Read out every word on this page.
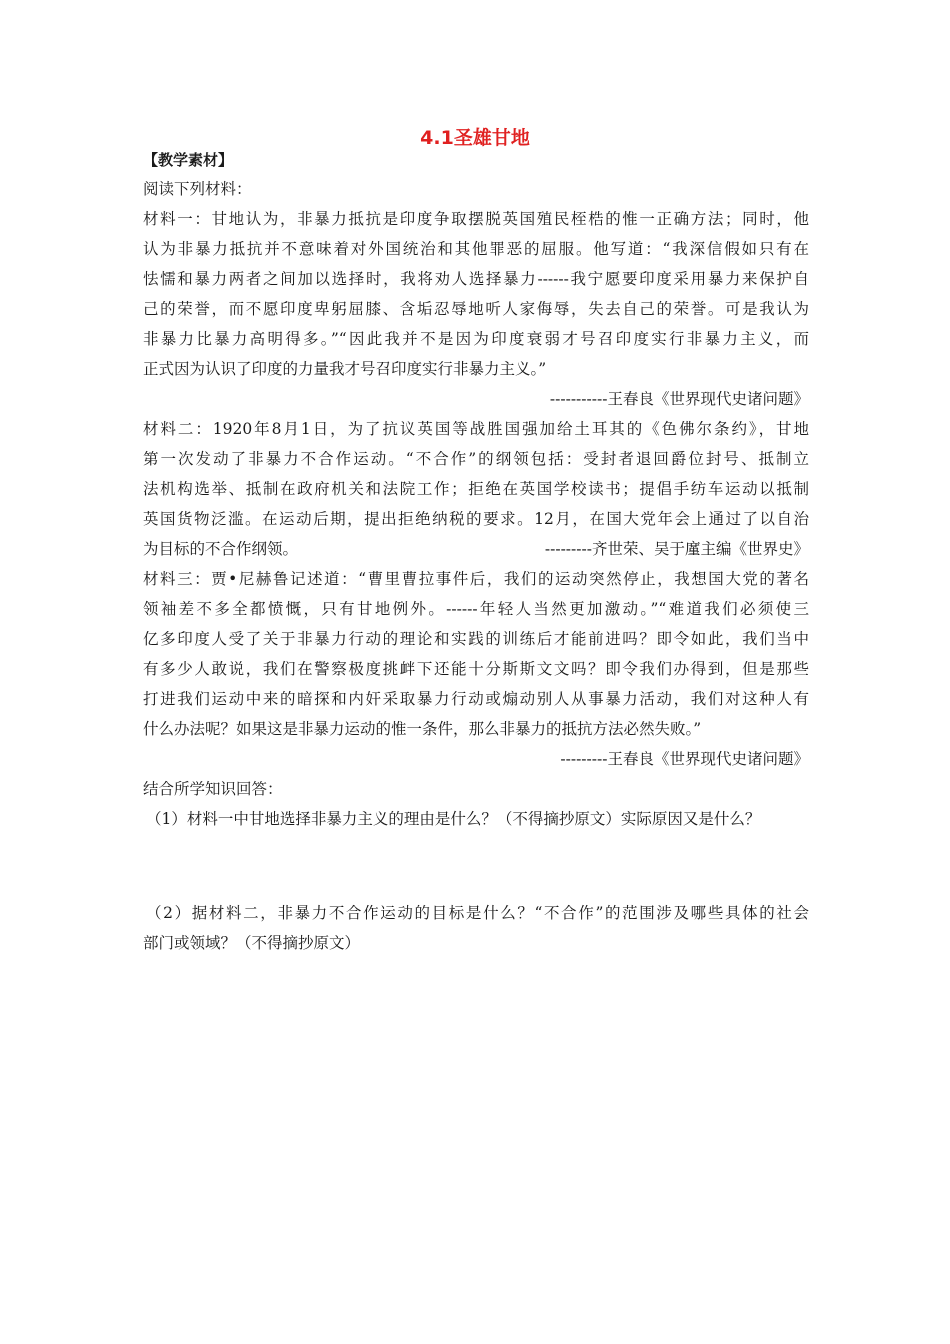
4.1圣雄甘地
【教学素材】
阅读下列材料：
材料一：甘地认为，非暴力抵抗是印度争取摆脱英国殖民桎梏的惟一正确方法；同时，他
认为非暴力抵抗并不意味着对外国统治和其他罪恶的屈服。他写道：“我深信假如只有在
怯懦和暴力两者之间加以选择时，我将劝人选择暴力------我宁愿要印度采用暴力来保护自
己的荣誉，而不愿印度卑躬屈膝、含垢忍辱地听人家侮辱，失去自己的荣誉。可是我认为
非暴力比暴力高明得多。”“因此我并不是因为印度衰弱才号召印度实行非暴力主义，而
正式因为认识了印度的力量我才号召印度实行非暴力主义。”
-----------王春良《世界现代史诸问题》
材料二：1920年8月1日，为了抗议英国等战胜国强加给土耳其的《色佛尔条约》，甘地
第一次发动了非暴力不合作运动。“不合作”的纲领包括：受封者退回爵位封号、抵制立
法机构选举、抵制在政府机关和法院工作；拒绝在英国学校读书；提倡手纺车运动以抵制
英国货物泛滥。在运动后期，提出拒绝纳税的要求。12月，在国大党年会上通过了以自治
为目标的不合作纲领。	---------齐世荣、吴于廑主编《世界史》
材料三：贾•尼赫鲁记述道：“曹里曹拉事件后，我们的运动突然停止，我想国大党的著名
领袖差不多全都愤慨，只有甘地例外。------年轻人当然更加激动。”“难道我们必须使三
亿多印度人受了关于非暴力行动的理论和实践的训练后才能前进吗？即令如此，我们当中
有多少人敢说，我们在警察极度挑衅下还能十分斯斯文文吗？即令我们办得到，但是那些
打进我们运动中来的暗探和内奸采取暴力行动或煽动别人从事暴力活动，我们对这种人有
什么办法呢？如果这是非暴力运动的惟一条件，那么非暴力的抵抗方法必然失败。”
---------王春良《世界现代史诸问题》
结合所学知识回答：
（1）材料一中甘地选择非暴力主义的理由是什么？（不得摘抄原文）实际原因又是什么？
（2）据材料二，非暴力不合作运动的目标是什么？“不合作”的范围涉及哪些具体的社会
部门或领域？（不得摘抄原文）
